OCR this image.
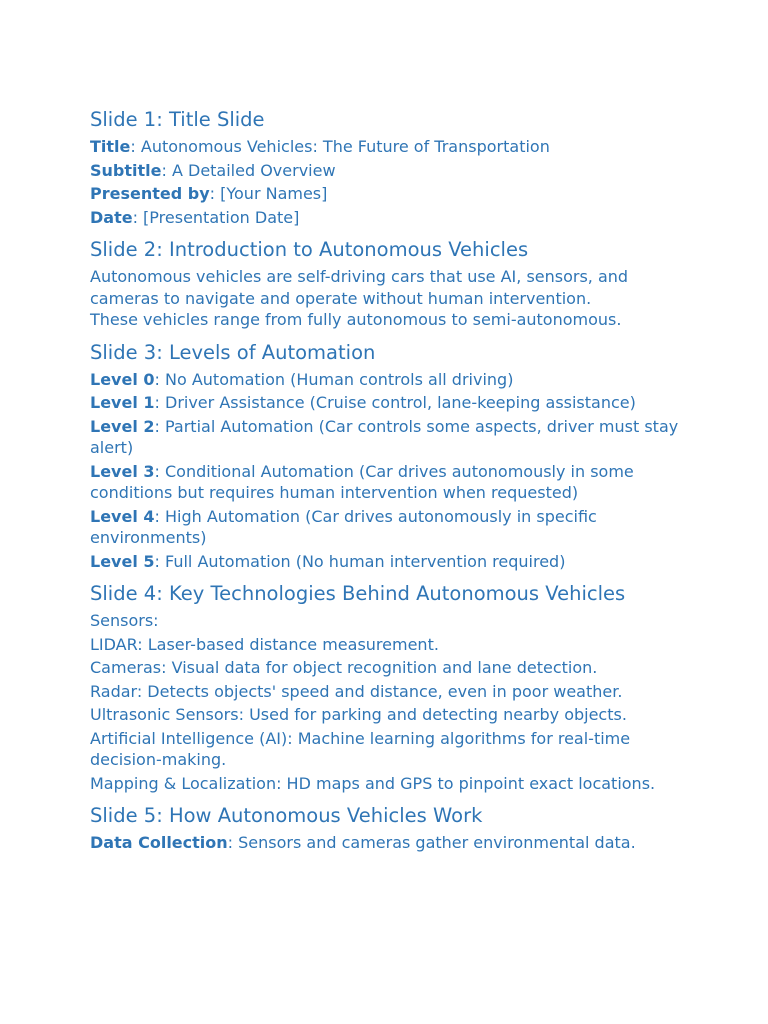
Slide 1: Title Slide
Title: Autonomous Vehicles: The Future of Transportation
Subtitle: A Detailed Overview
Presented by: [Your Names]
Date: [Presentation Date]
Slide 2: Introduction to Autonomous Vehicles
Autonomous vehicles are self-driving cars that use AI, sensors, and
cameras to navigate and operate without human intervention.
These vehicles range from fully autonomous to semi-autonomous.
Slide 3: Levels of Automation
Level 0: No Automation (Human controls all driving)
Level 1: Driver Assistance (Cruise control, lane-keeping assistance)
Level 2: Partial Automation (Car controls some aspects, driver must stay alert)
Level 3: Conditional Automation (Car drives autonomously in some conditions but requires human intervention when requested)
Level 4: High Automation (Car drives autonomously in specific environments)
Level 5: Full Automation (No human intervention required)
Slide 4: Key Technologies Behind Autonomous Vehicles
Sensors:
LIDAR: Laser-based distance measurement.
Cameras: Visual data for object recognition and lane detection.
Radar: Detects objects' speed and distance, even in poor weather.
Ultrasonic Sensors: Used for parking and detecting nearby objects.
Artificial Intelligence (AI): Machine learning algorithms for real-time decision-making.
Mapping & Localization: HD maps and GPS to pinpoint exact locations.
Slide 5: How Autonomous Vehicles Work
Data Collection: Sensors and cameras gather environmental data.
